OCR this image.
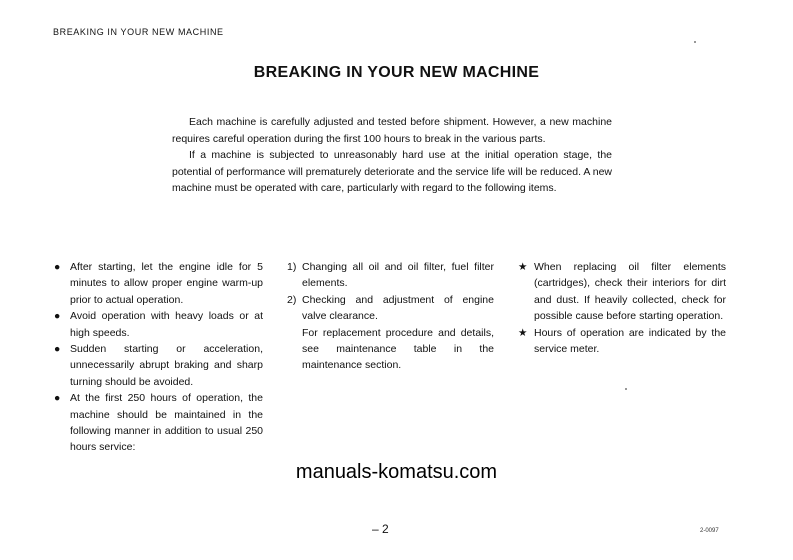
BREAKING IN YOUR NEW MACHINE
BREAKING IN YOUR NEW MACHINE

Each machine is carefully adjusted and tested before shipment. However, a new machine requires careful operation during the first 100 hours to break in the various parts.

If a machine is subjected to unreasonably hard use at the initial operation stage, the potential of performance will prematurely deteriorate and the service life will be reduced. A new machine must be operated with care, particularly with regard to the following items.

● After starting, let the engine idle for 5 minutes to allow proper engine warm-up prior to actual operation.
● Avoid operation with heavy loads or at high speeds.
● Sudden starting or acceleration, unnecessarily abrupt braking and sharp turning should be avoided.
● At the first 250 hours of operation, the machine should be maintained in the following manner in addition to usual 250 hours service:
1) Changing all oil and oil filter, fuel filter elements.
2) Checking and adjustment of engine valve clearance.
For replacement procedure and details, see maintenance table in the maintenance section.
★ When replacing oil filter elements (cartridges), check their interiors for dirt and dust. If heavily collected, check for possible cause before starting operation.
★ Hours of operation are indicated by the service meter.
manuals-komatsu.com
– 2	2-0097
